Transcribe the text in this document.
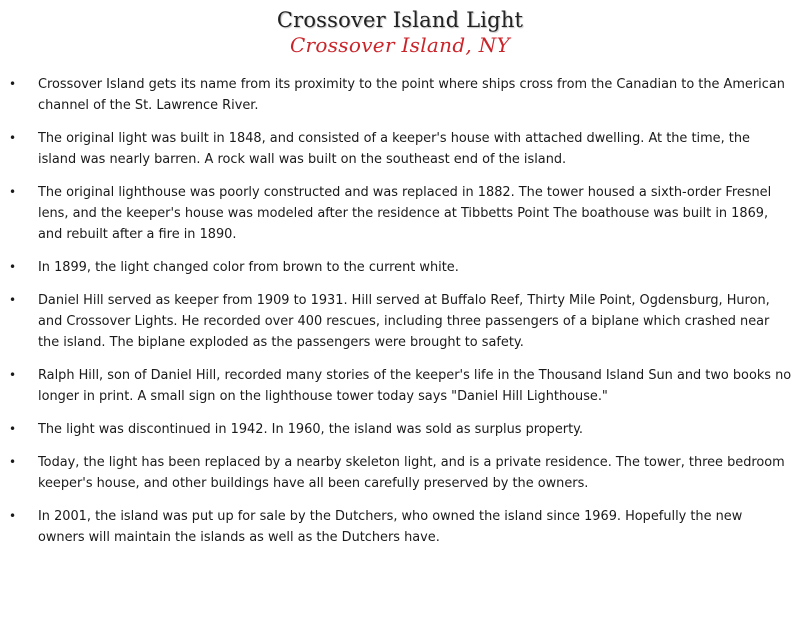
Crossover Island Light
Crossover Island, NY
• Crossover Island gets its name from its proximity to the point where ships cross from the Canadian to the American channel of the St. Lawrence River.
• The original light was built in 1848, and consisted of a keeper's house with attached dwelling. At the time, the island was nearly barren. A rock wall was built on the southeast end of the island.
• The original lighthouse was poorly constructed and was replaced in 1882. The tower housed a sixth-order Fresnel lens, and the keeper's house was modeled after the residence at Tibbetts Point The boathouse was built in 1869, and rebuilt after a fire in 1890.
• In 1899, the light changed color from brown to the current white.
• Daniel Hill served as keeper from 1909 to 1931. Hill served at Buffalo Reef, Thirty Mile Point, Ogdensburg, Huron, and Crossover Lights. He recorded over 400 rescues, including three passengers of a biplane which crashed near the island. The biplane exploded as the passengers were brought to safety.
• Ralph Hill, son of Daniel Hill, recorded many stories of the keeper's life in the Thousand Island Sun and two books no longer in print. A small sign on the lighthouse tower today says "Daniel Hill Lighthouse."
• The light was discontinued in 1942. In 1960, the island was sold as surplus property.
• Today, the light has been replaced by a nearby skeleton light, and is a private residence. The tower, three bedroom keeper's house, and other buildings have all been carefully preserved by the owners.
• In 2001, the island was put up for sale by the Dutchers, who owned the island since 1969. Hopefully the new owners will maintain the islands as well as the Dutchers have.
